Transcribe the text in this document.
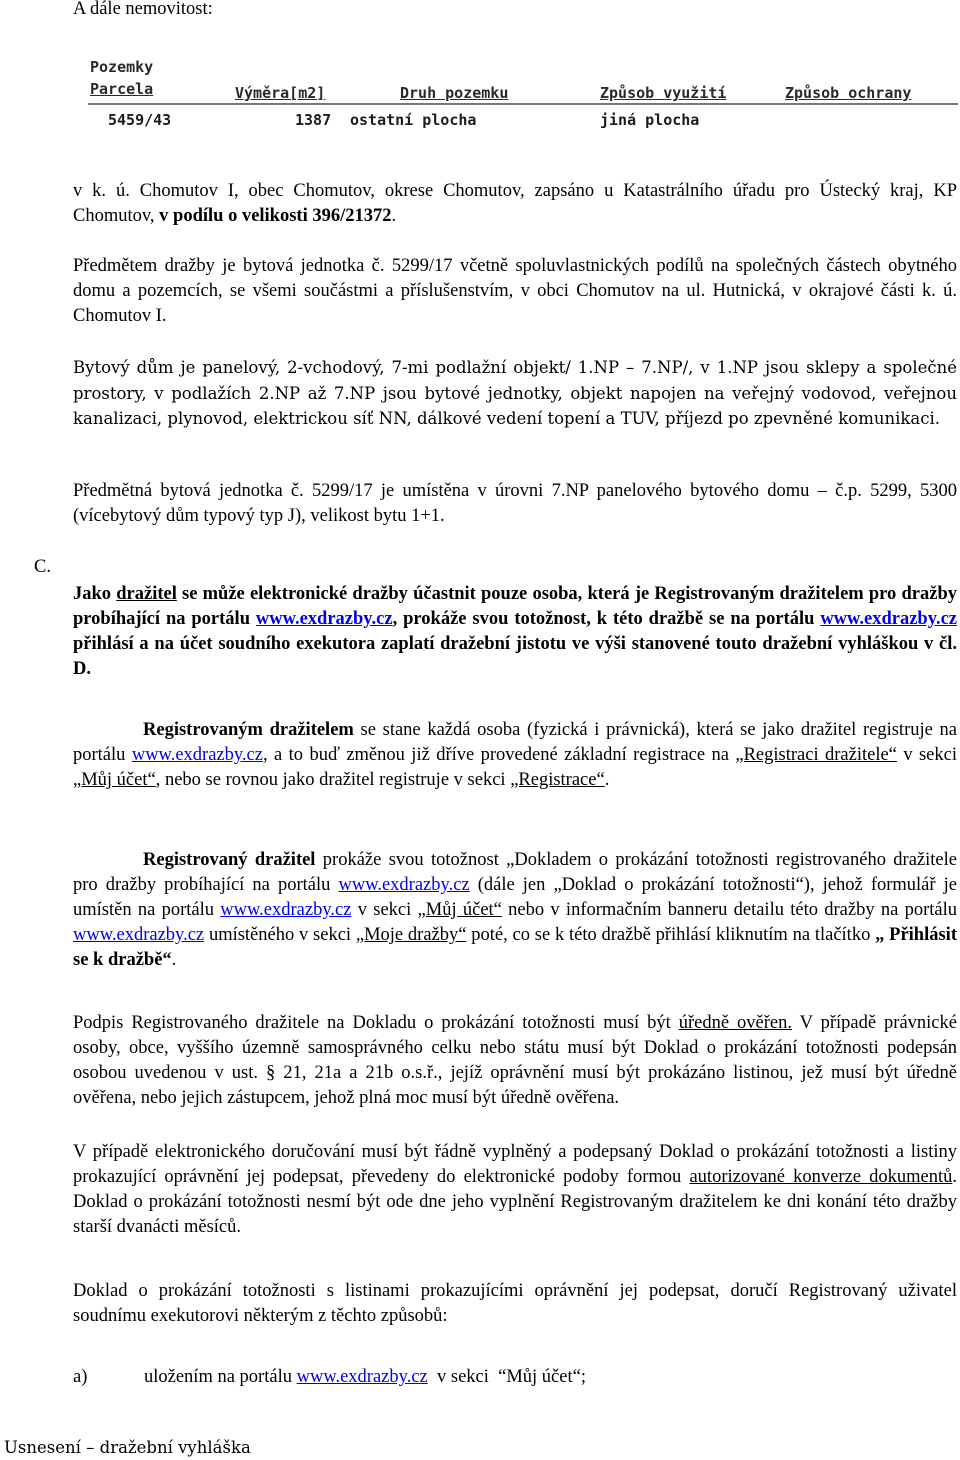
A dále nemovitost:
Pozemky
Parcela	Výměra[m2]	Druh pozemku	Způsob využití	Způsob ochrany
5459/43	1387 ostatní plocha	jiná plocha
v k. ú. Chomutov I, obec Chomutov, okrese Chomutov, zapsáno u Katastrálního úřadu pro Ústecký kraj, KP Chomutov, v podílu o velikosti 396/21372.
Předmětem dražby je bytová jednotka č. 5299/17 včetně spoluvlastnických podílů na společných částech obytného domu a pozemcích, se všemi součástmi a příslušenstvím, v obci Chomutov na ul. Hutnická, v okrajové části k. ú. Chomutov I.
Bytový dům je panelový, 2-vchodový, 7-mi podlažní objekt/ 1.NP – 7.NP/, v 1.NP jsou sklepy a společné prostory, v podlažích 2.NP až 7.NP jsou bytové jednotky, objekt napojen na veřejný vodovod, veřejnou kanalizaci, plynovod, elektrickou síť NN, dálkové vedení topení a TUV, příjezd po zpevněné komunikaci.
Předmětná bytová jednotka č. 5299/17 je umístěna v úrovni 7.NP panelového bytového domu – č.p. 5299, 5300 (vícebytový dům typový typ J), velikost bytu 1+1.
C.
Jako dražitel se může elektronické dražby účastnit pouze osoba, která je Registrovaným dražitelem pro dražby probíhající na portálu www.exdrazby.cz, prokáže svou totožnost, k této dražbě se na portálu www.exdrazby.cz přihlásí a na účet soudního exekutora zaplatí dražební jistotu ve výši stanovené touto dražební vyhláškou v čl. D.
Registrovaným dražitelem se stane každá osoba (fyzická i právnická), která se jako dražitel registruje na portálu www.exdrazby.cz, a to buď změnou již dříve provedené základní registrace na „Registraci dražitele“ v sekci „Můj účet“, nebo se rovnou jako dražitel registruje v sekci „Registrace“.
Registrovaný dražitel prokáže svou totožnost „Dokladem o prokázání totožnosti registrovaného dražitele pro dražby probíhající na portálu www.exdrazby.cz (dále jen „Doklad o prokázání totožnosti“), jehož formulář je umístěn na portálu www.exdrazby.cz v sekci „Můj účet“ nebo v informačním banneru detailu této dražby na portálu www.exdrazby.cz umístěného v sekci „Moje dražby“ poté, co se k této dražbě přihlásí kliknutím na tlačítko „ Přihlásit se k dražbě“.
Podpis Registrovaného dražitele na Dokladu o prokázání totožnosti musí být úředně ověřen. V případě právnické osoby, obce, vyššího územně samosprávného celku nebo státu musí být Doklad o prokázání totožnosti podepsán osobou uvedenou v ust. § 21, 21a a 21b o.s.ř., jejíž oprávnění musí být prokázáno listinou, jež musí být úředně ověřena, nebo jejich zástupcem, jehož plná moc musí být úředně ověřena.
V případě elektronického doručování musí být řádně vyplněný a podepsaný Doklad o prokázání totožnosti a listiny prokazující oprávnění jej podepsat, převedeny do elektronické podoby formou autorizované konverze dokumentů. Doklad o prokázání totožnosti nesmí být ode dne jeho vyplnění Registrovaným dražitelem ke dni konání této dražby starší dvanácti měsíců.
Doklad o prokázání totožnosti s listinami prokazujícími oprávnění jej podepsat, doručí Registrovaný uživatel soudnímu exekutorovi některým z těchto způsobů:
a)	uložením na portálu www.exdrazby.cz  v sekci  “Můj účet“;
Usnesení – dražební vyhláška
